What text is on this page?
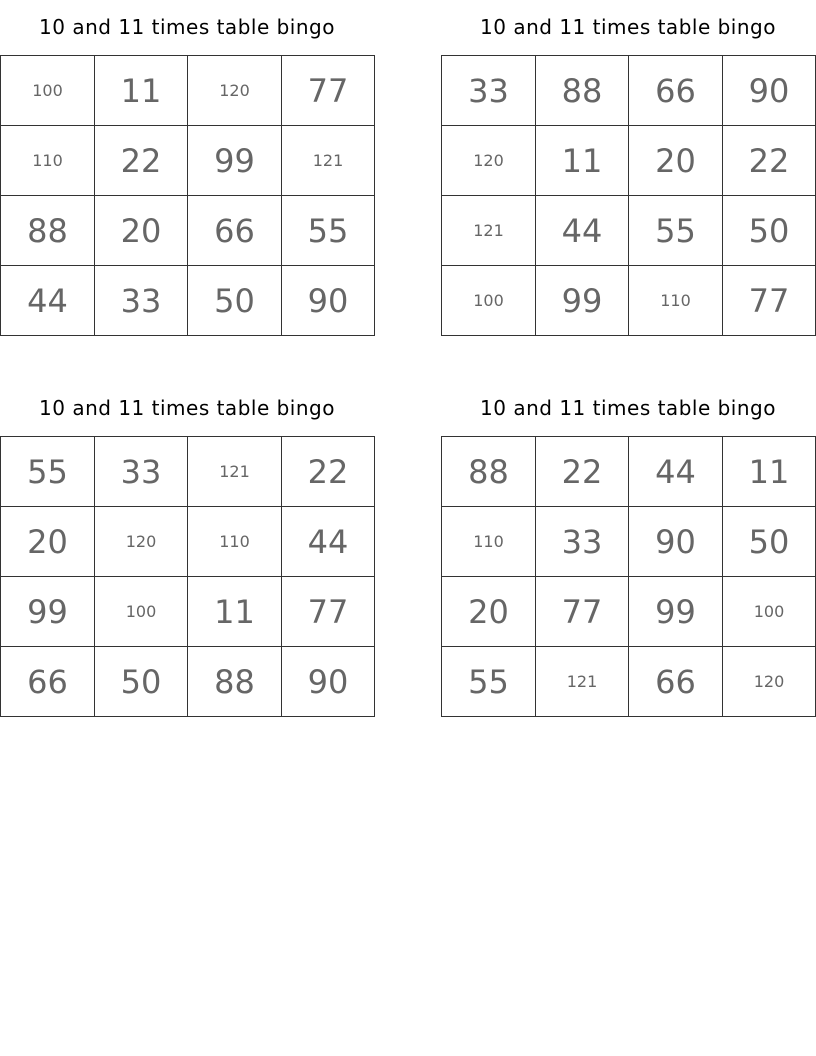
10 and 11 times table bingo
100	11	120	77
110	22	99	121
88	20	66	55
44	33	50	90
10 and 11 times table bingo
33	88	66	90
120	11	20	22
121	44	55	50
100	99	110	77
10 and 11 times table bingo
55	33	121	22
20	120	110	44
99	100	11	77
66	50	88	90
10 and 11 times table bingo
88	22	44	11
110	33	90	50
20	77	99	100
55	121	66	120
